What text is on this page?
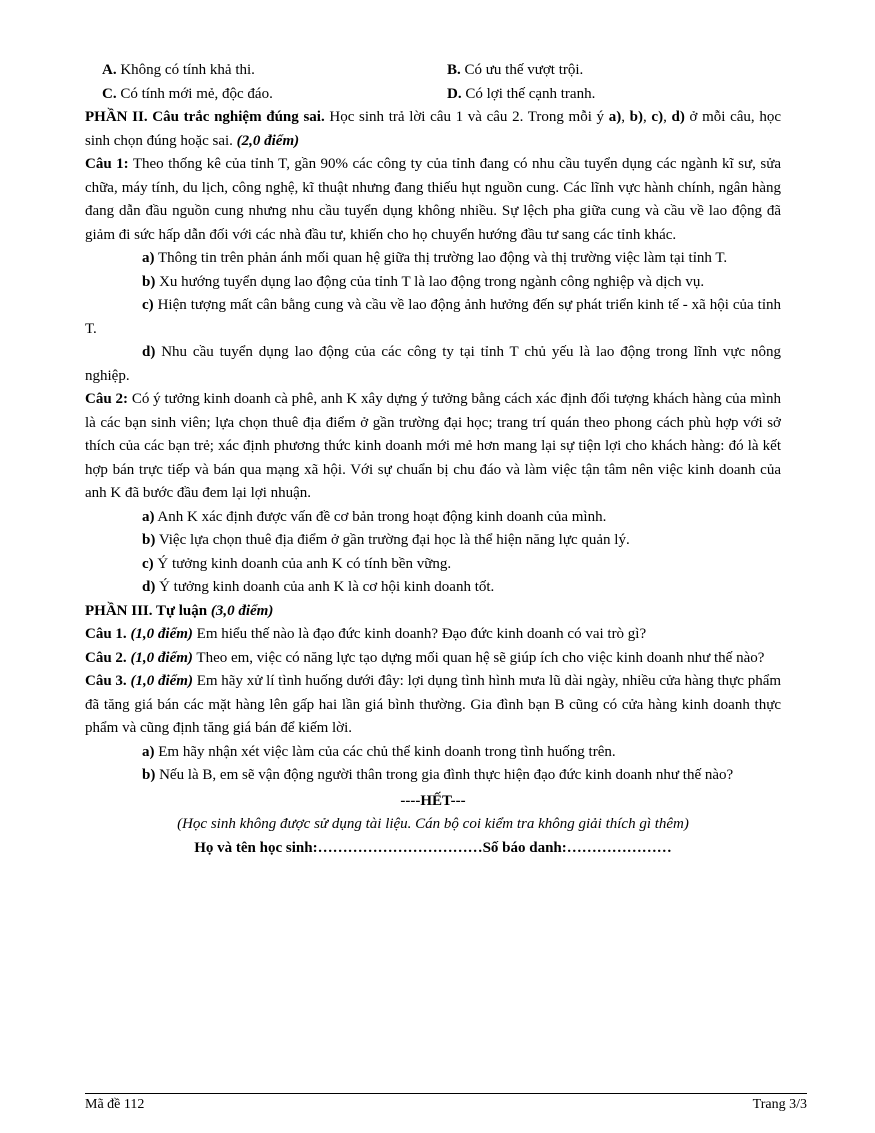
A. Không có tính khả thi.	B. Có ưu thế vượt trội.
C. Có tính mới mẻ, độc đáo.	D. Có lợi thế cạnh tranh.

PHẦN II. Câu trắc nghiệm đúng sai. Học sinh trả lời câu 1 và câu 2. Trong mỗi ý a), b), c), d) ở mỗi câu, học sinh chọn đúng hoặc sai. (2,0 điểm)

Câu 1: Theo thống kê của tỉnh T, gần 90% các công ty của tỉnh đang có nhu cầu tuyển dụng các ngành kĩ sư, sửa chữa, máy tính, du lịch, công nghệ, kĩ thuật nhưng đang thiếu hụt nguồn cung. Các lĩnh vực hành chính, ngân hàng đang dẫn đầu nguồn cung nhưng nhu cầu tuyển dụng không nhiều. Sự lệch pha giữa cung và cầu về lao động đã giảm đi sức hấp dẫn đối với các nhà đầu tư, khiến cho họ chuyển hướng đầu tư sang các tỉnh khác.

a) Thông tin trên phản ánh mối quan hệ giữa thị trường lao động và thị trường việc làm tại tỉnh T.

b) Xu hướng tuyển dụng lao động của tỉnh T là lao động trong ngành công nghiệp và dịch vụ.

c) Hiện tượng mất cân bằng cung và cầu về lao động ảnh hưởng đến sự phát triển kinh tế - xã hội của tỉnh T.

d) Nhu cầu tuyển dụng lao động của các công ty tại tỉnh T chủ yếu là lao động trong lĩnh vực nông nghiệp.

Câu 2: Có ý tưởng kinh doanh cà phê, anh K xây dựng ý tưởng bằng cách xác định đối tượng khách hàng của mình là các bạn sinh viên; lựa chọn thuê địa điểm ở gần trường đại học; trang trí quán theo phong cách phù hợp với sở thích của các bạn trẻ; xác định phương thức kinh doanh mới mẻ hơn mang lại sự tiện lợi cho khách hàng: đó là kết hợp bán trực tiếp và bán qua mạng xã hội. Với sự chuẩn bị chu đáo và làm việc tận tâm nên việc kinh doanh của anh K đã bước đầu đem lại lợi nhuận.

a) Anh K xác định được vấn đề cơ bản trong hoạt động kinh doanh của mình.

b) Việc lựa chọn thuê địa điểm ở gần trường đại học là thể hiện năng lực quản lý.

c) Ý tưởng kinh doanh của anh K có tính bền vững.

d) Ý tưởng kinh doanh của anh K là cơ hội kinh doanh tốt.

PHẦN III. Tự luận (3,0 điểm)

Câu 1. (1,0 điểm) Em hiểu thế nào là đạo đức kinh doanh? Đạo đức kinh doanh có vai trò gì?

Câu 2. (1,0 điểm) Theo em, việc có năng lực tạo dựng mối quan hệ sẽ giúp ích cho việc kinh doanh như thế nào?

Câu 3. (1,0 điểm) Em hãy xử lí tình huống dưới đây: lợi dụng tình hình mưa lũ dài ngày, nhiều cửa hàng thực phẩm đã tăng giá bán các mặt hàng lên gấp hai lần giá bình thường. Gia đình bạn B cũng có cửa hàng kinh doanh thực phẩm và cũng định tăng giá bán để kiếm lời.

a) Em hãy nhận xét việc làm của các chủ thể kinh doanh trong tình huống trên.

b) Nếu là B, em sẽ vận động người thân trong gia đình thực hiện đạo đức kinh doanh như thế nào?

----HẾT---

(Học sinh không được sử dụng tài liệu. Cán bộ coi kiểm tra không giải thích gì thêm)

Họ và tên học sinh:……………………………Số báo danh:…………………

Mã đề 112	Trang 3/3
